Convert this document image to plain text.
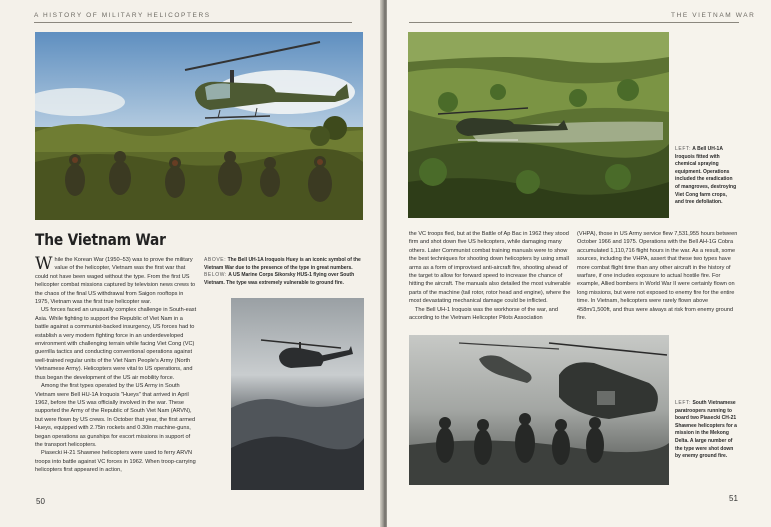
A HISTORY OF MILITARY HELICOPTERS
The Vietnam War

While the Korean War (1950–53) was to prove the military value of the helicopter, Vietnam was the first war that could not have been waged without the type. From the first US helicopter combat missions captured by television news crews to the chaos of the final US withdrawal from Saigon rooftops in 1975, Vietnam was the first true helicopter war.

US forces faced an unusually complex challenge in South-east Asia. While fighting to support the Republic of Viet Nam in a battle against a communist-backed insurgency, US forces had to establish a very modern fighting force in an underdeveloped environment with challenging terrain while facing Viet Cong (VC) guerrilla tactics and conducting conventional operations against well-trained regular units of the Viet Nam People's Army (North Vietnamese Army). Helicopters were vital to US operations, and thus began the development of the US air mobility force.

Among the first types operated by the US Army in South Vietnam were Bell HU-1A Iroquois "Hueys" that arrived in April 1962, before the US was officially involved in the war. These supported the Army of the Republic of South Viet Nam (ARVN), but were flown by US crews. In October that year, the first armed Hueys, equipped with 2.75in rockets and 0.30in machine-guns, began operations as gunships for escort missions in support of the transport helicopters.

Piasecki H-21 Shawnee helicopters were used to ferry ARVN troops into battle against VC forces in 1962. When troop-carrying helicopters first appeared in action,

ABOVE: The Bell UH-1A Iroquois Huey is an iconic symbol of the Vietnam War due to the presence of the type in great numbers. BELOW: A US Marine Corps Sikorsky HUS-1 flying over South Vietnam. The type was extremely vulnerable to ground fire.
50
THE VIETNAM WAR
LEFT: A Bell UH-1A Iroquois fitted with chemical spraying equipment. Operations included the eradication of mangroves, destroying Viet Cong farm crops, and tree defoliation.

the VC troops fled, but at the Battle of Ap Bac in 1962 they stood firm and shot down five US helicopters, while damaging many others. Later Communist combat training manuals were to show the best techniques for shooting down helicopters by using small arms as a form of improvised anti-aircraft fire, shooting ahead of the target to allow for forward speed to increase the chance of hitting the aircraft. The manuals also detailed the most vulnerable parts of the machine (tail rotor, rotor head and engine), where the most devastating mechanical damage could be inflicted.

The Bell UH-1 Iroquois was the workhorse of the war, and according to the Vietnam Helicopter Pilots Association

(VHPA), those in US Army service flew 7,531,955 hours between October 1966 and 1975. Operations with the Bell AH-1G Cobra accumulated 1,110,716 flight hours in the war. As a result, some sources, including the VHPA, assert that these two types have more combat flight time than any other aircraft in the history of warfare, if one includes exposure to actual hostile fire. For example, Allied bombers in World War II were certainly flown on long missions, but were not exposed to enemy fire for the entire time. In Vietnam, helicopters were rarely flown above 458m/1,500ft, and thus were always at risk from enemy ground fire.

LEFT: South Vietnamese paratroopers running to board two Piasecki CH-21 Shawnee helicopters for a mission in the Mekong Delta. A large number of the type were shot down by enemy ground fire.
51
